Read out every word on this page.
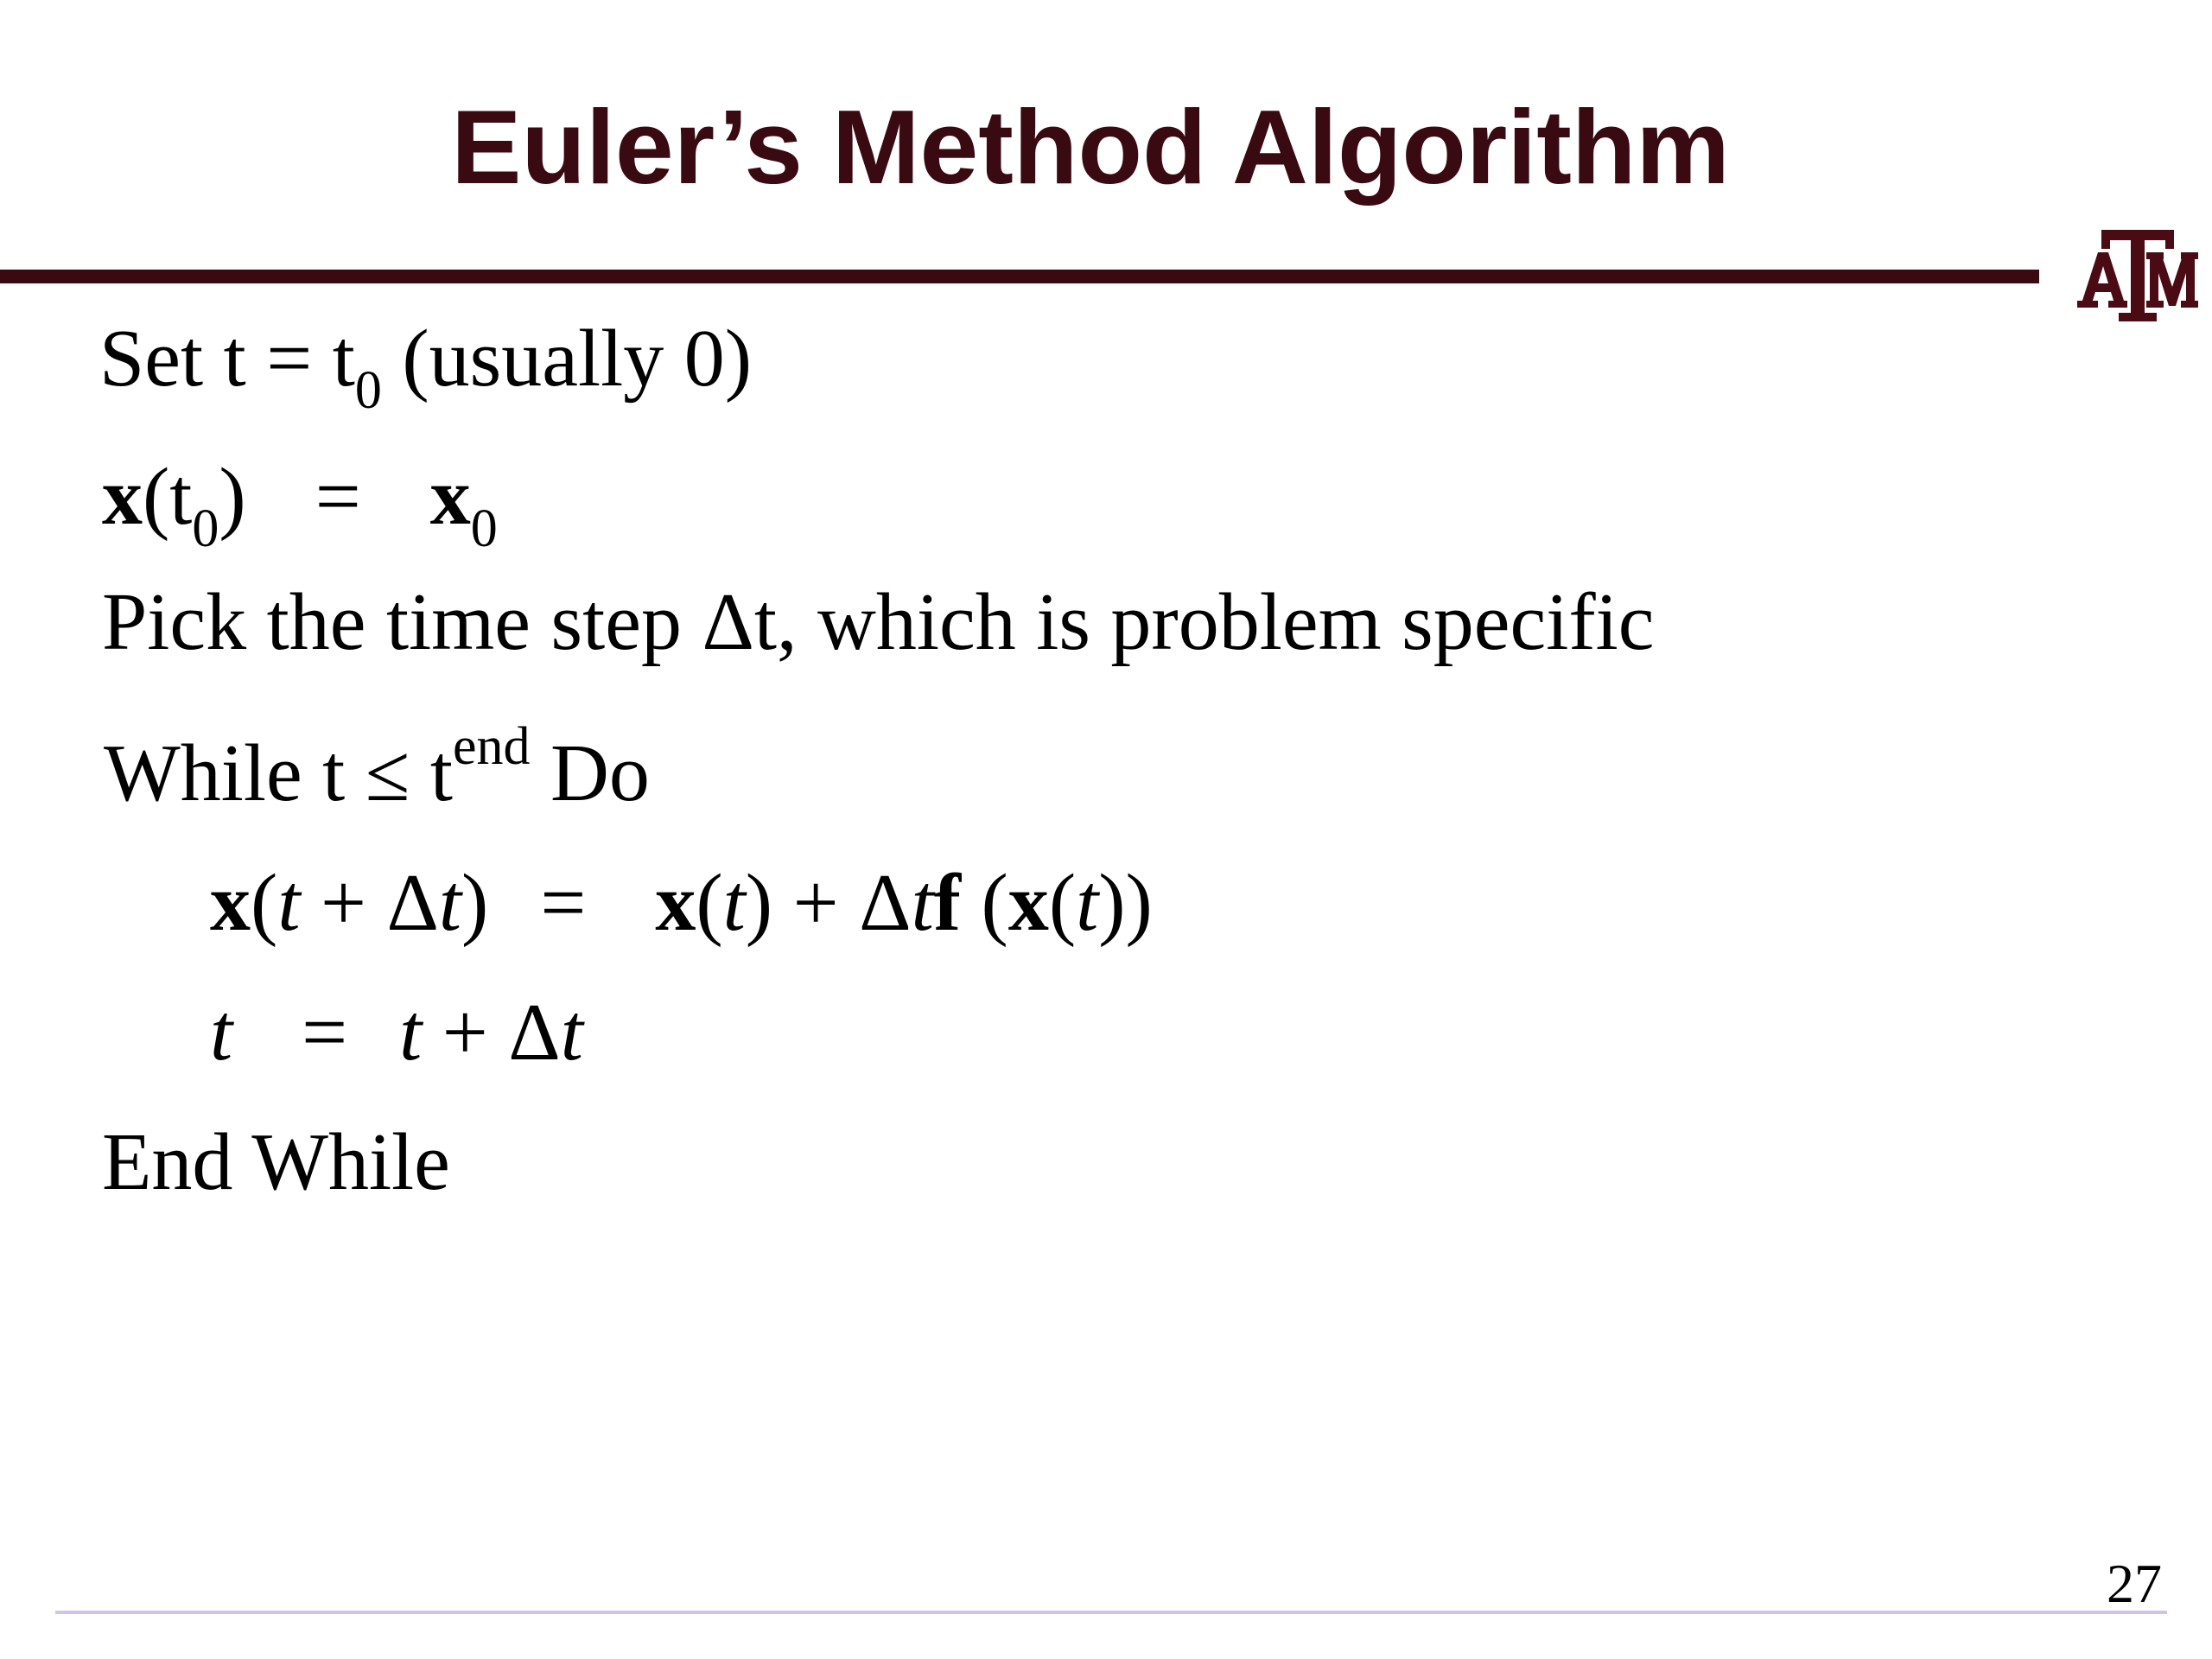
Euler’s Method Algorithm
Set $t = t_0$ (usually 0)
$x(t_0) = x_0$
Pick the time step Δt, which is problem specific
While $t \le t^{end}$ Do
x(t + Δt) = x(t) + Δtf (x(t))
t = t + Δt
End While
27
